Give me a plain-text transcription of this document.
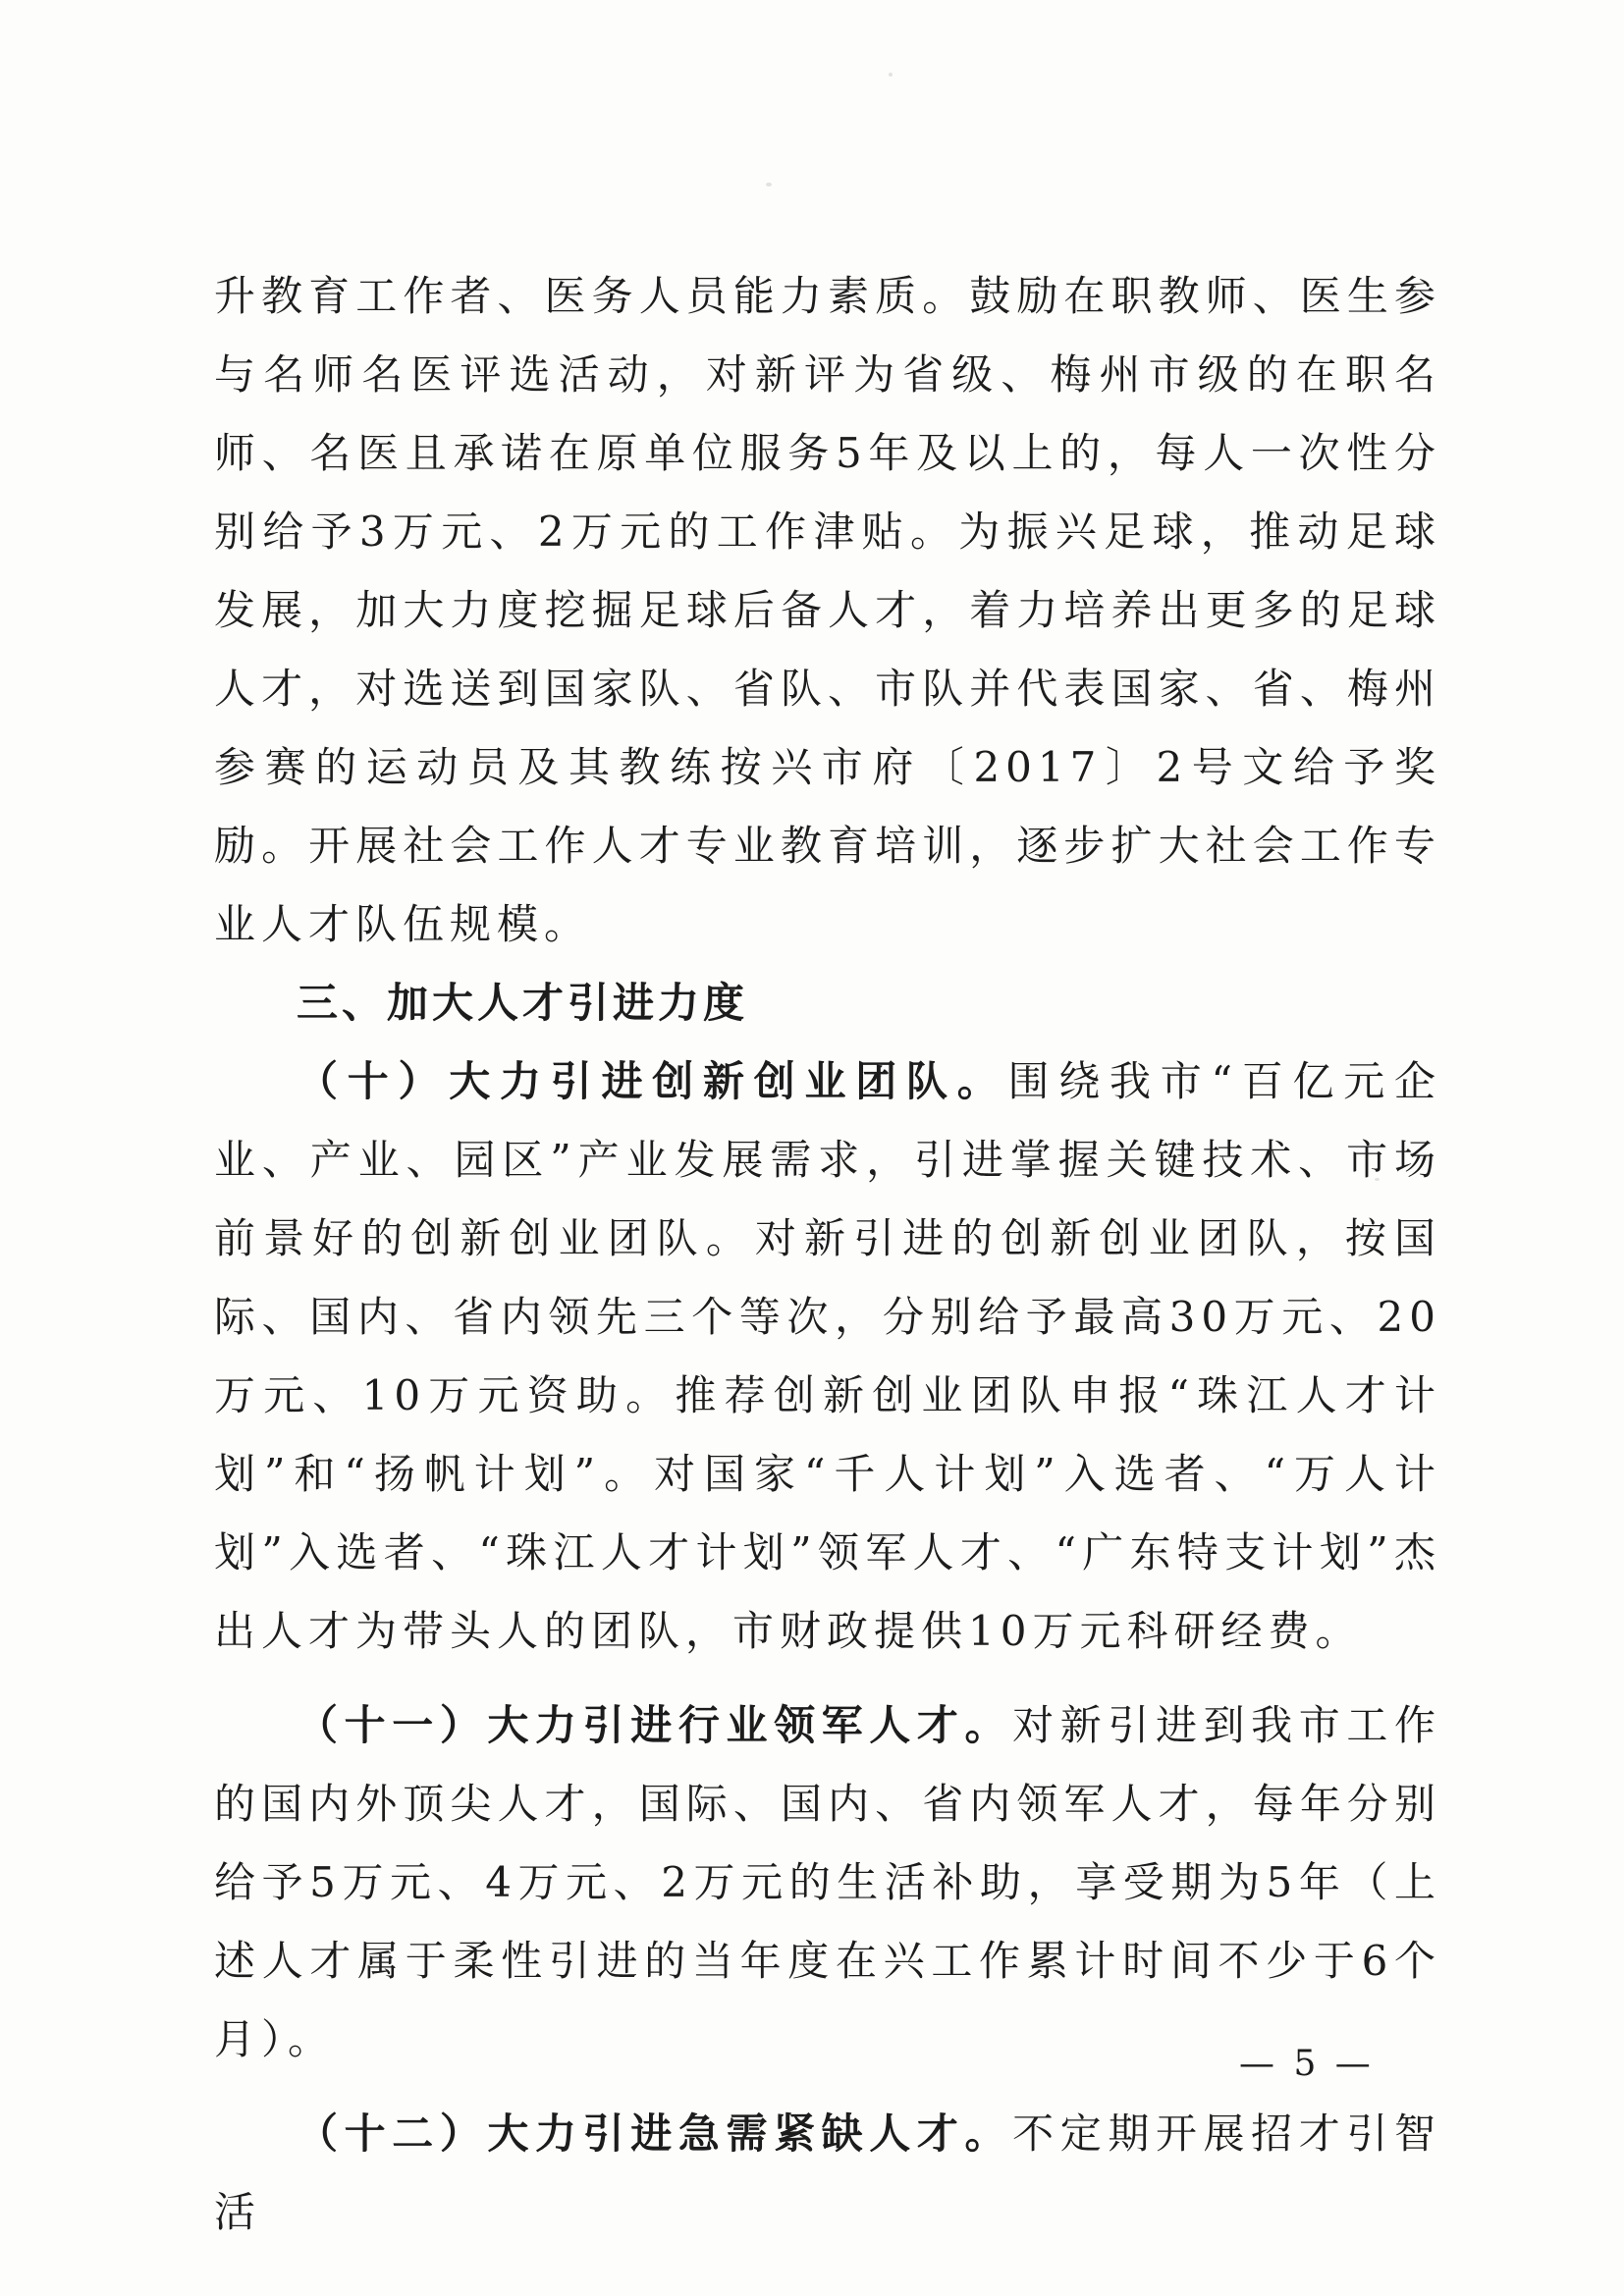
升教育工作者、医务人员能力素质。鼓励在职教师、医生参与名师名医评选活动，对新评为省级、梅州市级的在职名师、名医且承诺在原单位服务5年及以上的，每人一次性分别给予3万元、2万元的工作津贴。为振兴足球，推动足球发展，加大力度挖掘足球后备人才，着力培养出更多的足球人才，对选送到国家队、省队、市队并代表国家、省、梅州参赛的运动员及其教练按兴市府〔2017〕2号文给予奖励。开展社会工作人才专业教育培训，逐步扩大社会工作专业人才队伍规模。

三、加大人才引进力度

（十）大力引进创新创业团队。围绕我市“百亿元企业、产业、园区”产业发展需求，引进掌握关键技术、市场前景好的创新创业团队。对新引进的创新创业团队，按国际、国内、省内领先三个等次，分别给予最高30万元、20万元、10万元资助。推荐创新创业团队申报“珠江人才计划”和“扬帆计划”。对国家“千人计划”入选者、“万人计划”入选者、“珠江人才计划”领军人才、“广东特支计划”杰出人才为带头人的团队，市财政提供10万元科研经费。

（十一）大力引进行业领军人才。对新引进到我市工作的国内外顶尖人才，国际、国内、省内领军人才，每年分别给予5万元、4万元、2万元的生活补助，享受期为5年（上述人才属于柔性引进的当年度在兴工作累计时间不少于6个月）。

（十二）大力引进急需紧缺人才。不定期开展招才引智活

— 5 —
